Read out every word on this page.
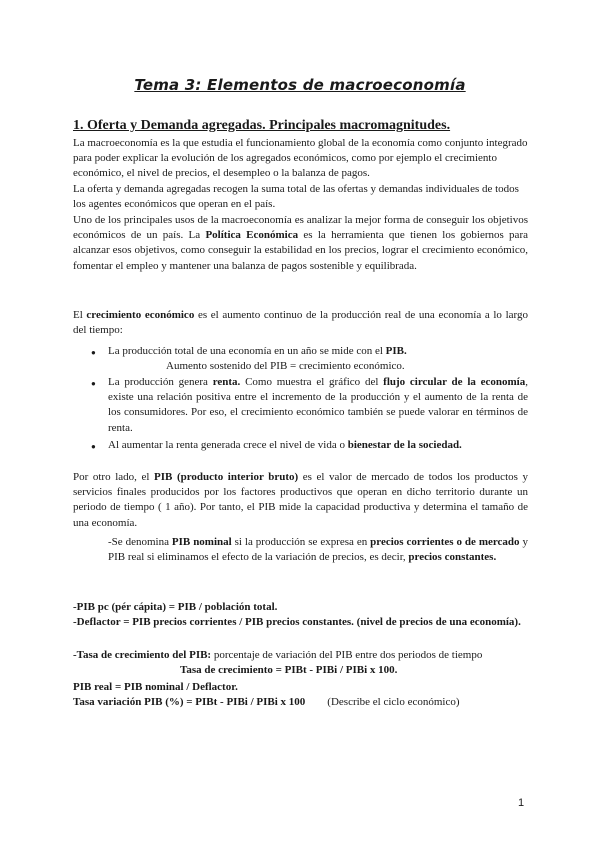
Tema 3: Elementos de macroeconomía
1. Oferta y Demanda agregadas. Principales macromagnitudes.

La macroeconomía es la que estudia el funcionamiento global de la economía como conjunto integrado para poder explicar la evolución de los agregados económicos, como por ejemplo el crecimiento económico, el nivel de precios, el desempleo o la balanza de pagos.

La oferta y demanda agregadas recogen la suma total de las ofertas y demandas individuales de todos los agentes económicos que operan en el país.

Uno de los principales usos de la macroeconomía es analizar la mejor forma de conseguir los objetivos económicos de un país. La Política Económica es la herramienta que tienen los gobiernos para alcanzar esos objetivos, como conseguir la estabilidad en los precios, lograr el crecimiento económico, fomentar el empleo y mantener una balanza de pagos sostenible y equilibrada.

El crecimiento económico es el aumento continuo de la producción real de una economía a lo largo del tiempo:

● La producción total de una economía en un año se mide con el PIB.

Aumento sostenido del PIB = crecimiento económico.
● La producción genera renta. Como muestra el gráfico del flujo circular de la economía, existe una relación positiva entre el incremento de la producción y el aumento de la renta de los consumidores. Por eso, el crecimiento económico también se puede valorar en términos de renta.

● Al aumentar la renta generada crece el nivel de vida o bienestar de la sociedad.

Por otro lado, el PIB (producto interior bruto) es el valor de mercado de todos los productos y servicios finales producidos por los factores productivos que operan en dicho territorio durante un periodo de tiempo ( 1 año). Por tanto, el PIB mide la capacidad productiva y determina el tamaño de una economía.

-Se denomina PIB nominal si la producción se expresa en precios corrientes o de mercado y PIB real si eliminamos el efecto de la variación de precios, es decir, precios constantes.

-PIB pc (pér cápita) = PIB / población total.

-Deflactor = PIB precios corrientes / PIB precios constantes. (nivel de precios de una economía).

-Tasa de crecimiento del PIB: porcentaje de variación del PIB entre dos periodos de tiempo
Tasa de crecimiento = PIBt - PIBi / PIBi x 100.
PIB real = PIB nominal / Deflactor.
Tasa variación PIB (%) = PIBt - PIBi / PIBi x 100 (Describe el ciclo económico)
1
